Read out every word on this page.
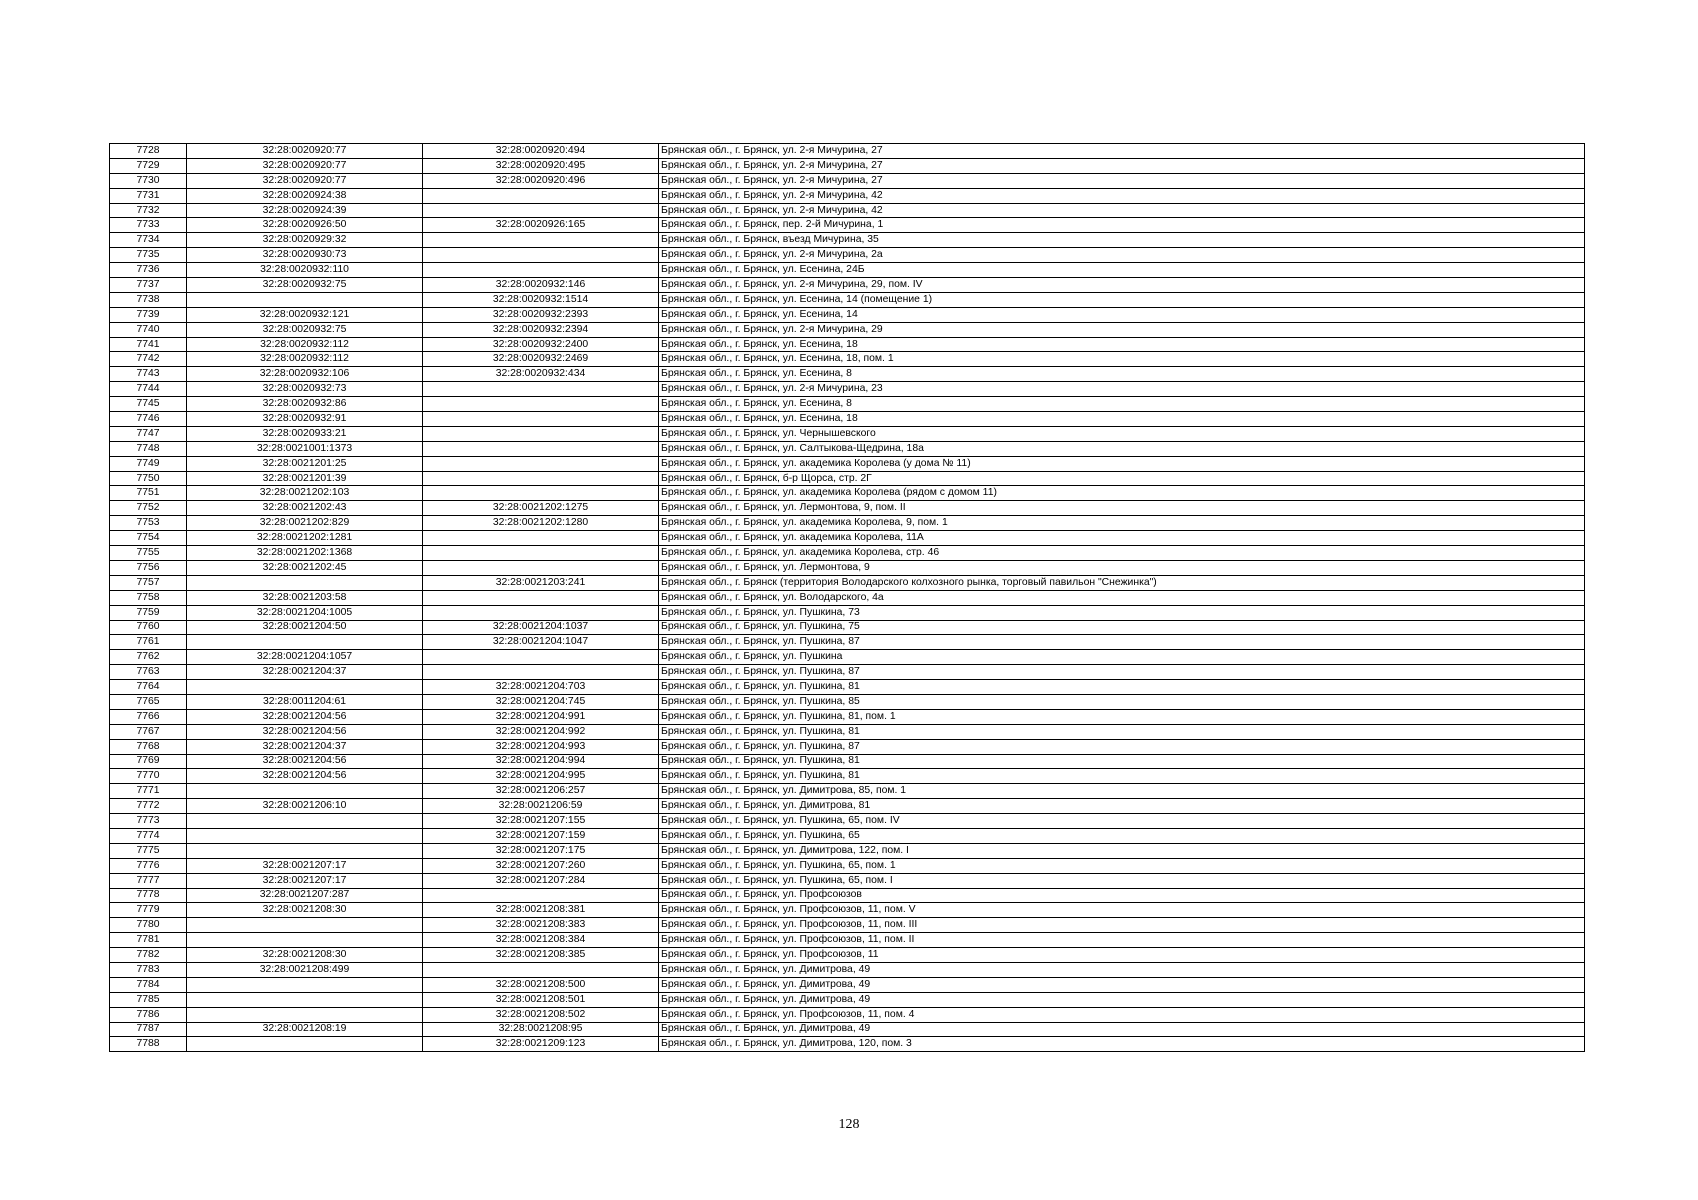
7728	32:28:0020920:77	32:28:0020920:494	Брянская обл., г. Брянск, ул. 2-я Мичурина, 27
7729	32:28:0020920:77	32:28:0020920:495	Брянская обл., г. Брянск, ул. 2-я Мичурина, 27
7730	32:28:0020920:77	32:28:0020920:496	Брянская обл., г. Брянск, ул. 2-я Мичурина, 27
7731	32:28:0020924:38		Брянская обл., г. Брянск, ул. 2-я Мичурина, 42
7732	32:28:0020924:39		Брянская обл., г. Брянск, ул. 2-я Мичурина, 42
7733	32:28:0020926:50	32:28:0020926:165	Брянская обл., г. Брянск, пер. 2-й Мичурина, 1
7734	32:28:0020929:32		Брянская обл., г. Брянск, въезд Мичурина, 35
7735	32:28:0020930:73		Брянская обл., г. Брянск, ул. 2-я Мичурина, 2а
7736	32:28:0020932:110		Брянская обл., г. Брянск, ул. Есенина, 24Б
7737	32:28:0020932:75	32:28:0020932:146	Брянская обл., г. Брянск, ул. 2-я Мичурина, 29, пом. IV
7738		32:28:0020932:1514	Брянская обл., г. Брянск, ул. Есенина, 14 (помещение 1)
7739	32:28:0020932:121	32:28:0020932:2393	Брянская обл., г. Брянск, ул. Есенина, 14
7740	32:28:0020932:75	32:28:0020932:2394	Брянская обл., г. Брянск, ул. 2-я Мичурина, 29
7741	32:28:0020932:112	32:28:0020932:2400	Брянская обл., г. Брянск, ул. Есенина, 18
7742	32:28:0020932:112	32:28:0020932:2469	Брянская обл., г. Брянск, ул. Есенина, 18, пом. 1
7743	32:28:0020932:106	32:28:0020932:434	Брянская обл., г. Брянск, ул. Есенина, 8
7744	32:28:0020932:73		Брянская обл., г. Брянск, ул. 2-я Мичурина, 23
7745	32:28:0020932:86		Брянская обл., г. Брянск, ул. Есенина, 8
7746	32:28:0020932:91		Брянская обл., г. Брянск, ул. Есенина, 18
7747	32:28:0020933:21		Брянская обл., г. Брянск, ул. Чернышевского
7748	32:28:0021001:1373		Брянская обл., г. Брянск, ул. Салтыкова-Щедрина, 18а
7749	32:28:0021201:25		Брянская обл., г. Брянск, ул. академика Королева (у дома № 11)
7750	32:28:0021201:39		Брянская обл., г. Брянск, б-р Щорса, стр. 2Г
7751	32:28:0021202:103		Брянская обл., г. Брянск, ул. академика Королева (рядом с домом 11)
7752	32:28:0021202:43	32:28:0021202:1275	Брянская обл., г. Брянск, ул. Лермонтова, 9, пом. II
7753	32:28:0021202:829	32:28:0021202:1280	Брянская обл., г. Брянск, ул. академика Королева, 9, пом. 1
7754	32:28:0021202:1281		Брянская обл., г. Брянск, ул. академика Королева, 11А
7755	32:28:0021202:1368		Брянская обл., г. Брянск, ул. академика Королева, стр. 46
7756	32:28:0021202:45		Брянская обл., г. Брянск, ул. Лермонтова, 9
7757		32:28:0021203:241	Брянская обл., г. Брянск (территория Володарского колхозного рынка, торговый павильон "Снежинка")
7758	32:28:0021203:58		Брянская обл., г. Брянск, ул. Володарского, 4а
7759	32:28:0021204:1005		Брянская обл., г. Брянск, ул. Пушкина, 73
7760	32:28:0021204:50	32:28:0021204:1037	Брянская обл., г. Брянск, ул. Пушкина, 75
7761		32:28:0021204:1047	Брянская обл., г. Брянск, ул. Пушкина, 87
7762	32:28:0021204:1057		Брянская обл., г. Брянск, ул. Пушкина
7763	32:28:0021204:37		Брянская обл., г. Брянск, ул. Пушкина, 87
7764		32:28:0021204:703	Брянская обл., г. Брянск, ул. Пушкина, 81
7765	32:28:0011204:61	32:28:0021204:745	Брянская обл., г. Брянск, ул. Пушкина, 85
7766	32:28:0021204:56	32:28:0021204:991	Брянская обл., г. Брянск, ул. Пушкина, 81, пом. 1
7767	32:28:0021204:56	32:28:0021204:992	Брянская обл., г. Брянск, ул. Пушкина, 81
7768	32:28:0021204:37	32:28:0021204:993	Брянская обл., г. Брянск, ул. Пушкина, 87
7769	32:28:0021204:56	32:28:0021204:994	Брянская обл., г. Брянск, ул. Пушкина, 81
7770	32:28:0021204:56	32:28:0021204:995	Брянская обл., г. Брянск, ул. Пушкина, 81
7771		32:28:0021206:257	Брянская обл., г. Брянск, ул. Димитрова, 85, пом. 1
7772	32:28:0021206:10	32:28:0021206:59	Брянская обл., г. Брянск, ул. Димитрова, 81
7773		32:28:0021207:155	Брянская обл., г. Брянск, ул. Пушкина, 65, пом. IV
7774		32:28:0021207:159	Брянская обл., г. Брянск, ул. Пушкина, 65
7775		32:28:0021207:175	Брянская обл., г. Брянск, ул. Димитрова, 122, пом. I
7776	32:28:0021207:17	32:28:0021207:260	Брянская обл., г. Брянск, ул. Пушкина, 65, пом. 1
7777	32:28:0021207:17	32:28:0021207:284	Брянская обл., г. Брянск, ул. Пушкина, 65, пом. I
7778	32:28:0021207:287		Брянская обл., г. Брянск, ул. Профсоюзов
7779	32:28:0021208:30	32:28:0021208:381	Брянская обл., г. Брянск, ул. Профсоюзов, 11, пом. V
7780		32:28:0021208:383	Брянская обл., г. Брянск, ул. Профсоюзов, 11, пом. III
7781		32:28:0021208:384	Брянская обл., г. Брянск, ул. Профсоюзов, 11, пом. II
7782	32:28:0021208:30	32:28:0021208:385	Брянская обл., г. Брянск, ул. Профсоюзов, 11
7783	32:28:0021208:499		Брянская обл., г. Брянск, ул. Димитрова, 49
7784		32:28:0021208:500	Брянская обл., г. Брянск, ул. Димитрова, 49
7785		32:28:0021208:501	Брянская обл., г. Брянск, ул. Димитрова, 49
7786		32:28:0021208:502	Брянская обл., г. Брянск, ул. Профсоюзов, 11, пом. 4
7787	32:28:0021208:19	32:28:0021208:95	Брянская обл., г. Брянск, ул. Димитрова, 49
7788		32:28:0021209:123	Брянская обл., г. Брянск, ул. Димитрова, 120, пом. 3
128
